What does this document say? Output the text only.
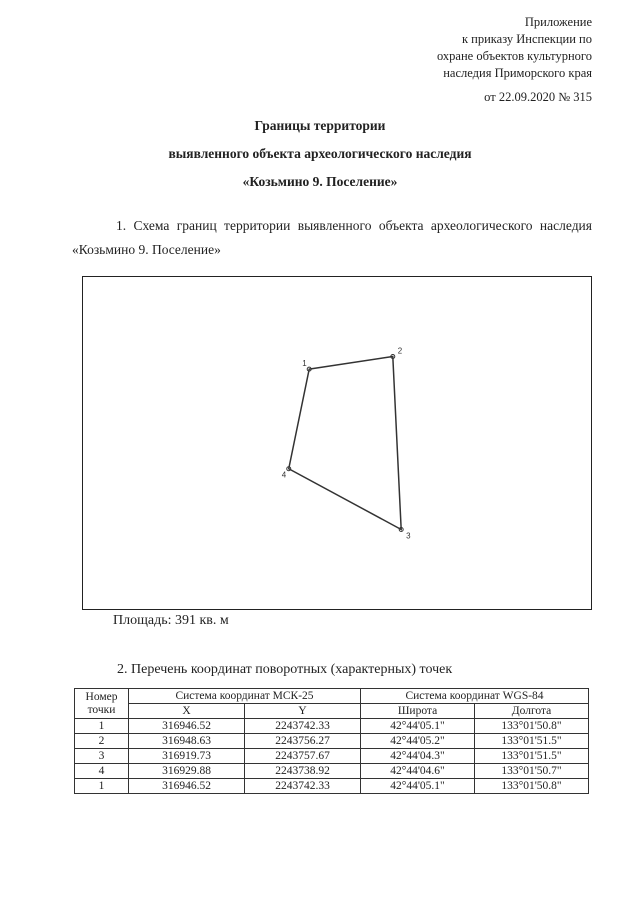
Приложение
к приказу Инспекции по
охране объектов культурного
наследия Приморского края
от 22.09.2020 № 315
Границы территории
выявленного объекта археологического наследия
«Козьмино 9. Поселение»
1. Схема границ территории выявленного объекта археологического наследия «Козьмино 9. Поселение»
1
2
3
4
Площадь: 391 кв. м
2. Перечень координат поворотных (характерных) точек
Номер точки	Система координат МСК-25		Система координат WGS-84	
	X	Y	Широта	Долгота
1	316946.52	2243742.33	42°44'05.1"	133°01'50.8"
2	316948.63	2243756.27	42°44'05.2"	133°01'51.5"
3	316919.73	2243757.67	42°44'04.3"	133°01'51.5"
4	316929.88	2243738.92	42°44'04.6"	133°01'50.7"
1	316946.52	2243742.33	42°44'05.1"	133°01'50.8"
